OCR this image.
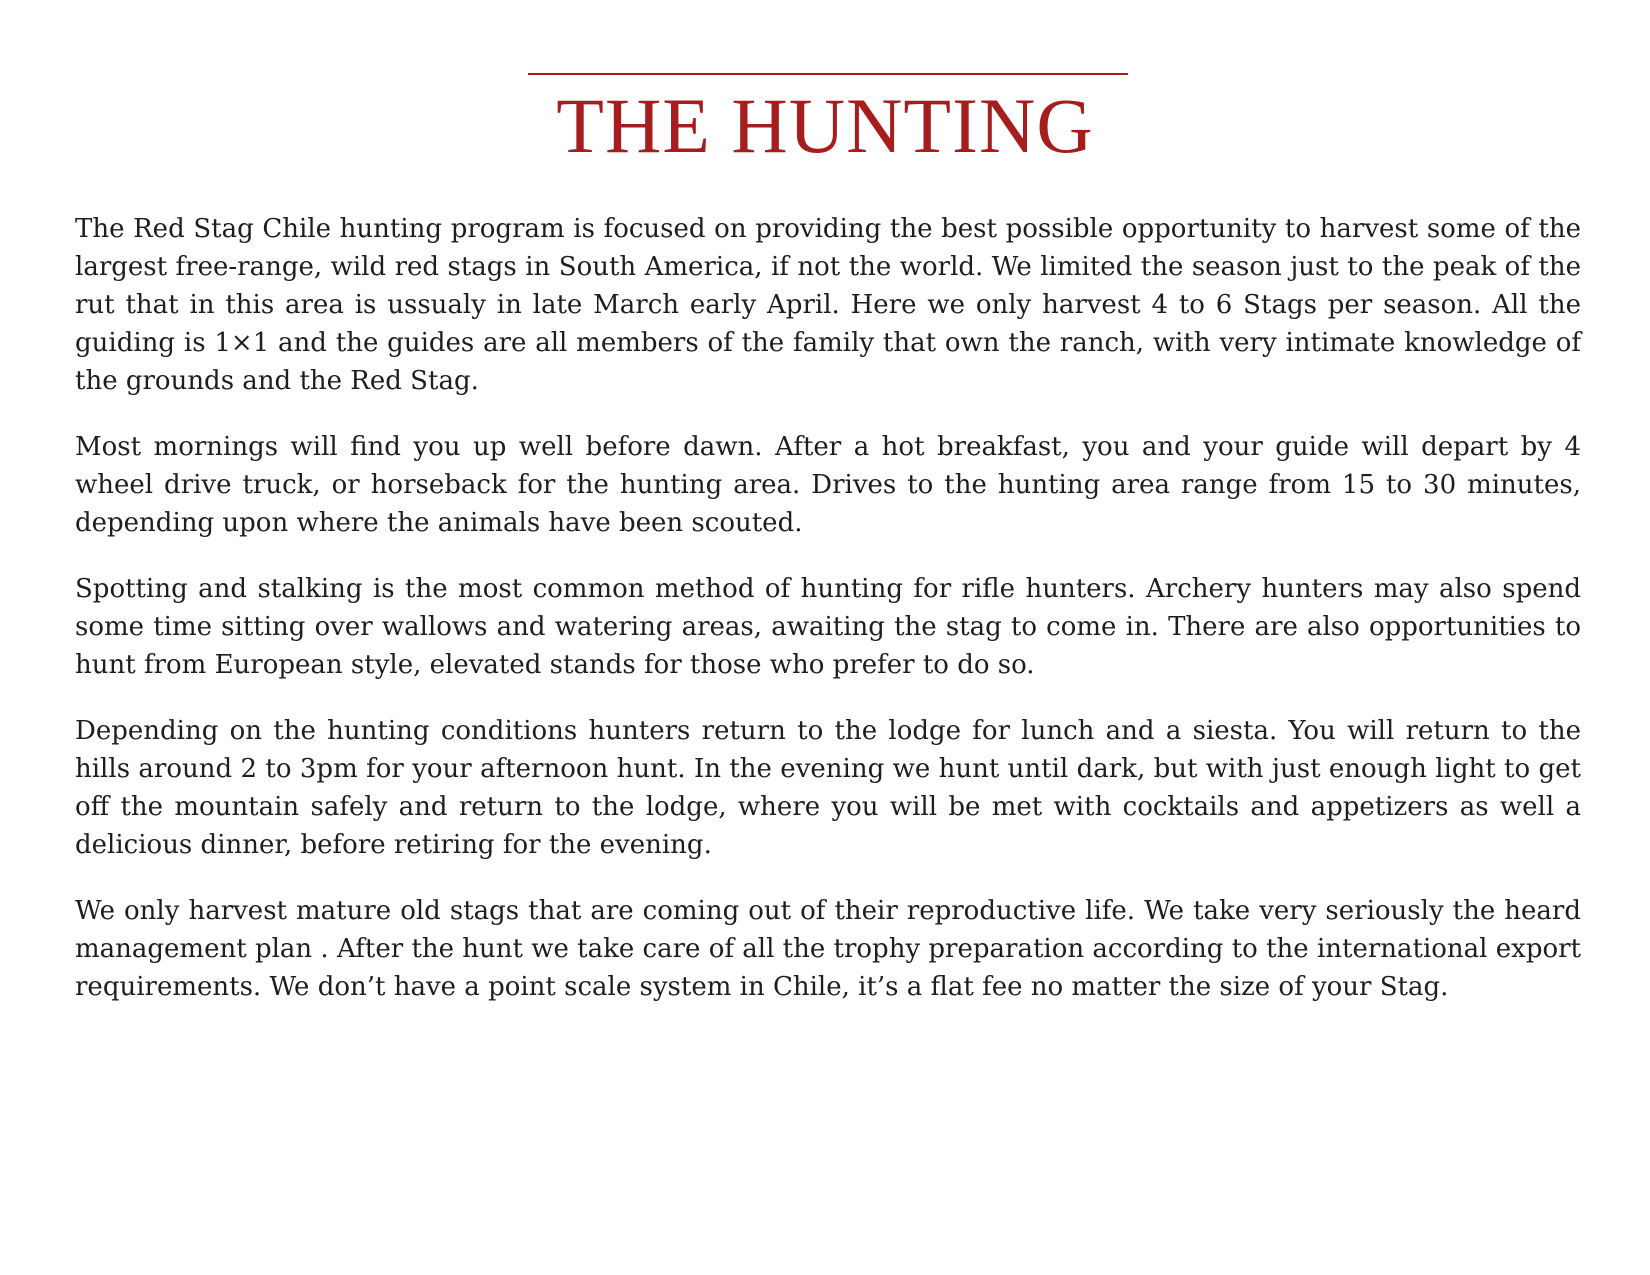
THE HUNTING

The Red Stag Chile hunting program is focused on providing the best possible opportunity to harvest some of the largest free-range, wild red stags in South America, if not the world. We limited the season just to the peak of the rut that in this area is ussualy in late March early April. Here we only harvest 4 to 6 Stags per season. All the guiding is 1×1 and the guides are all members of the family that own the ranch, with very intimate knowledge of the grounds and the Red Stag.

Most mornings will find you up well before dawn. After a hot breakfast, you and your guide will depart by 4 wheel drive truck, or horseback for the hunting area. Drives to the hunting area range from 15 to 30 minutes, depending upon where the animals have been scouted.

Spotting and stalking is the most common method of hunting for rifle hunters. Archery hunters may also spend some time sitting over wallows and watering areas, awaiting the stag to come in. There are also opportunities to hunt from European style, elevated stands for those who prefer to do so.

Depending on the hunting conditions hunters return to the lodge for lunch and a siesta. You will return to the hills around 2 to 3pm for your afternoon hunt. In the evening we hunt until dark, but with just enough light to get off the mountain safely and return to the lodge, where you will be met with cocktails and appetizers as well a delicious dinner, before retiring for the evening.

We only harvest mature old stags that are coming out of their reproductive life. We take very seriously the heard management plan . After the hunt we take care of all the trophy preparation according to the international export requirements. We don’t have a point scale system in Chile, it’s a flat fee no matter the size of your Stag.
